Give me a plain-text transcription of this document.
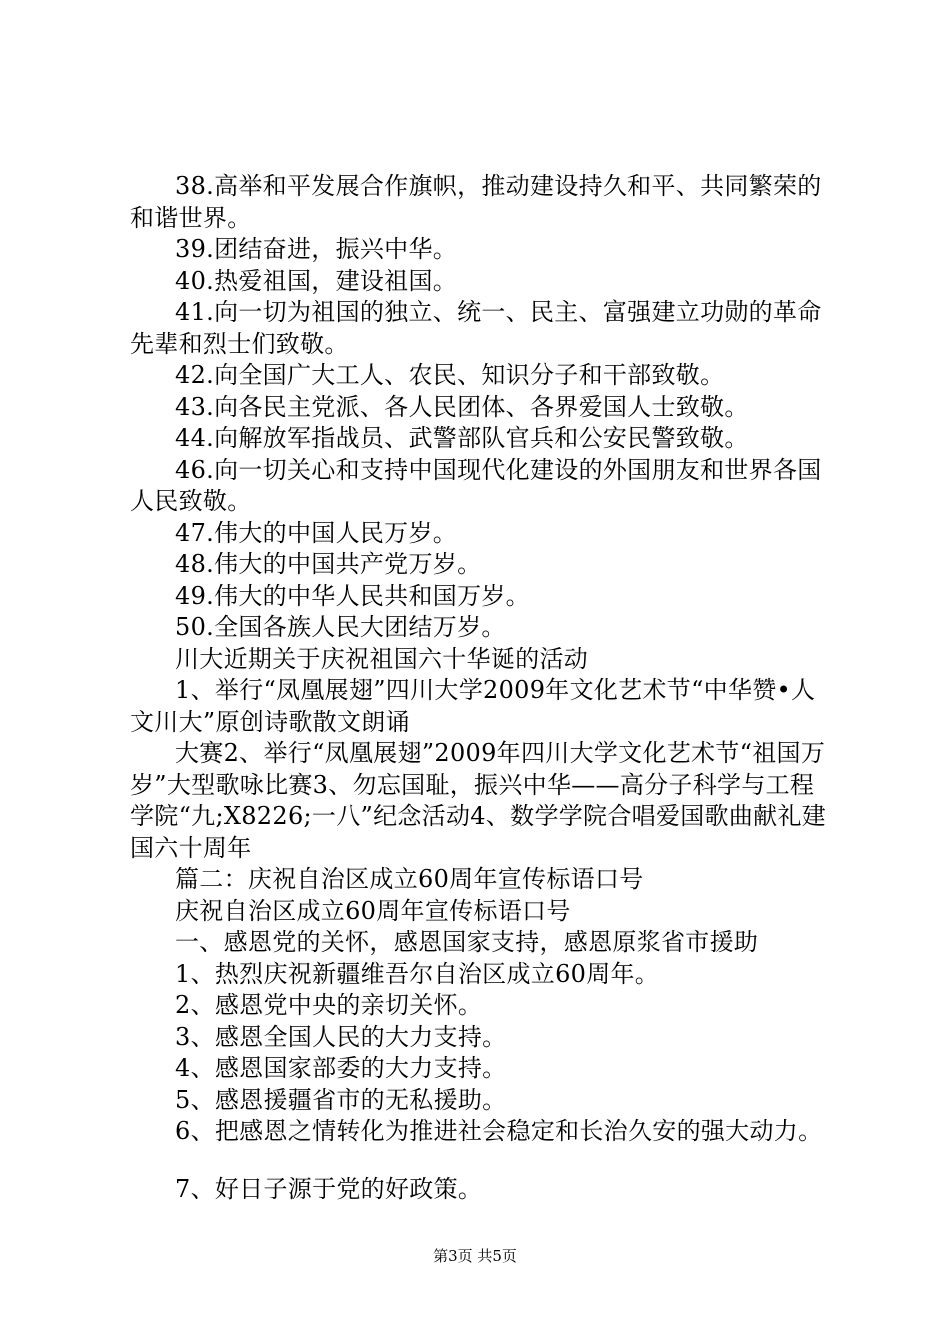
38.高举和平发展合作旗帜，推动建设持久和平、共同繁荣的和谐世界。

39.团结奋进，振兴中华。

40.热爱祖国，建设祖国。

41.向一切为祖国的独立、统一、民主、富强建立功勋的革命先辈和烈士们致敬。

42.向全国广大工人、农民、知识分子和干部致敬。

43.向各民主党派、各人民团体、各界爱国人士致敬。

44.向解放军指战员、武警部队官兵和公安民警致敬。

46.向一切关心和支持中国现代化建设的外国朋友和世界各国人民致敬。

47.伟大的中国人民万岁。

48.伟大的中国共产党万岁。

49.伟大的中华人民共和国万岁。

50.全国各族人民大团结万岁。

川大近期关于庆祝祖国六十华诞的活动

1、举行“凤凰展翅”四川大学2009年文化艺术节“中华赞•人文川大”原创诗歌散文朗诵

大赛2、举行“凤凰展翅”2009年四川大学文化艺术节“祖国万岁”大型歌咏比赛3、勿忘国耻，振兴中华——高分子科学与工程学院“九;X8226;一八”纪念活动4、数学学院合唱爱国歌曲献礼建国六十周年

篇二：庆祝自治区成立60周年宣传标语口号

庆祝自治区成立60周年宣传标语口号

一、感恩党的关怀，感恩国家支持，感恩原浆省市援助

1、热烈庆祝新疆维吾尔自治区成立60周年。

2、感恩党中央的亲切关怀。

3、感恩全国人民的大力支持。

4、感恩国家部委的大力支持。

5、感恩援疆省市的无私援助。

6、把感恩之情转化为推进社会稳定和长治久安的强大动力。

7、好日子源于党的好政策。

第3页 共5页
